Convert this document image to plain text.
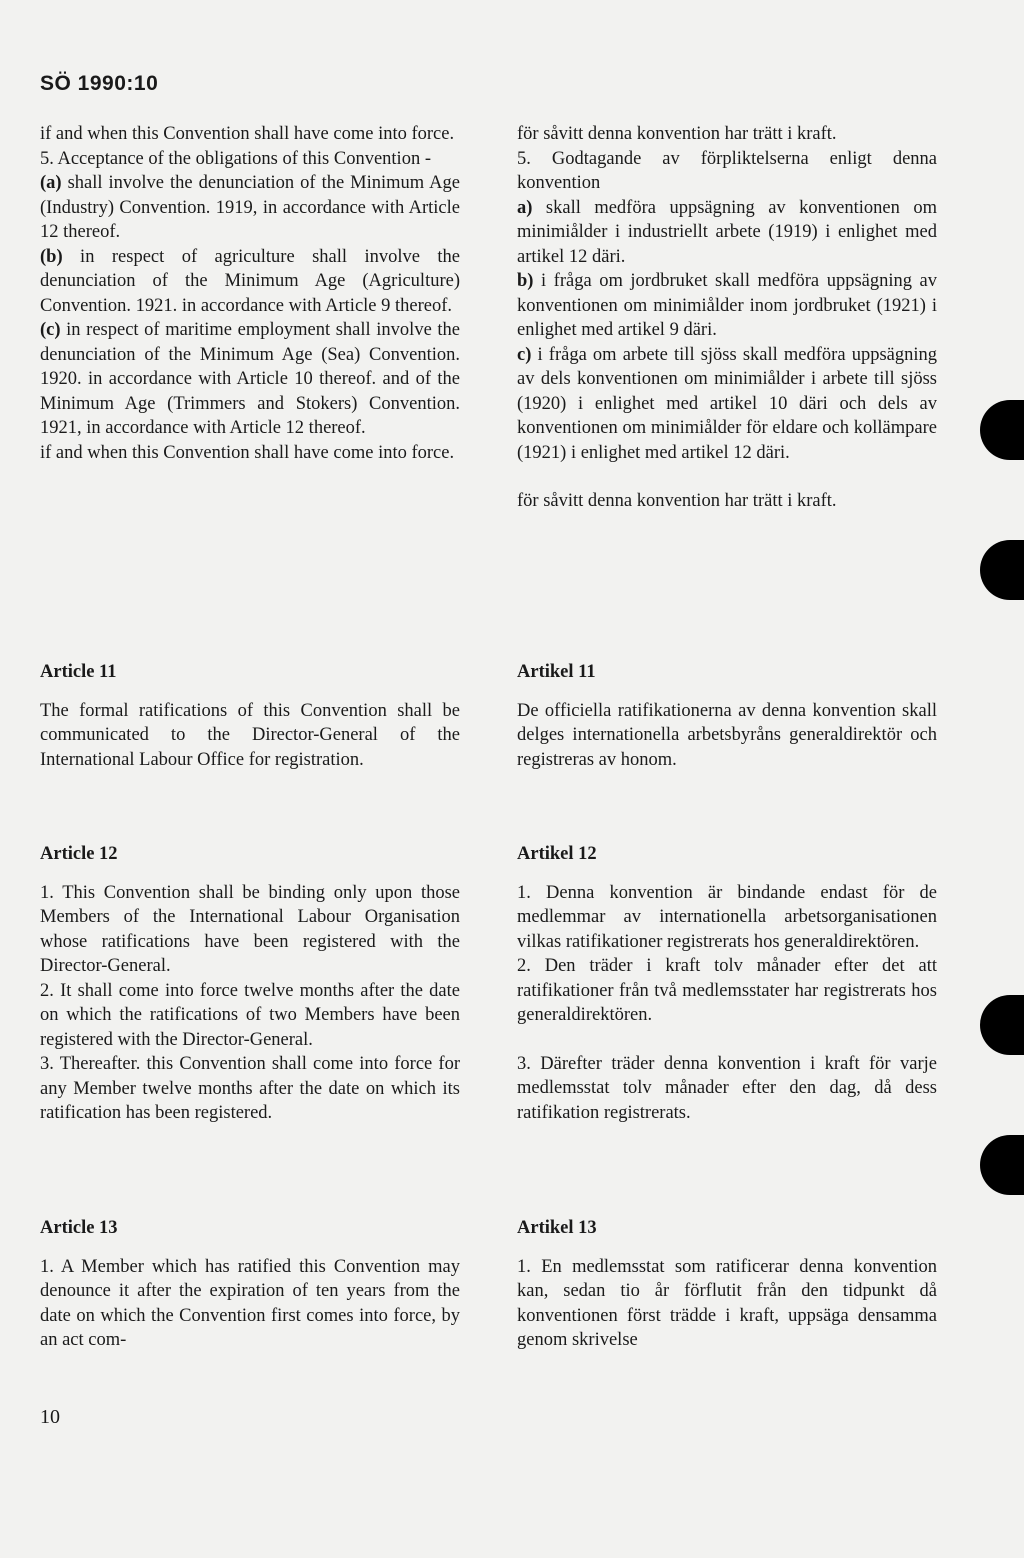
SÖ 1990:10

if and when this Convention shall have come into force.

5. Acceptance of the obligations of this Convention -

(a) shall involve the denunciation of the Minimum Age (Industry) Convention. 1919, in accordance with Article 12 thereof.

(b) in respect of agriculture shall involve the denunciation of the Minimum Age (Agriculture) Convention. 1921. in accordance with Article 9 thereof.

(c) in respect of maritime employment shall involve the denunciation of the Minimum Age (Sea) Convention. 1920. in accordance with Article 10 thereof. and of the Minimum Age (Trimmers and Stokers) Convention. 1921, in accordance with Article 12 thereof.

if and when this Convention shall have come into force.

Article 11

The formal ratifications of this Convention shall be communicated to the Director-General of the International Labour Office for registration.

Article 12

1. This Convention shall be binding only upon those Members of the International Labour Organisation whose ratifications have been registered with the Director-General.

2. It shall come into force twelve months after the date on which the ratifications of two Members have been registered with the Director-General.

3. Thereafter. this Convention shall come into force for any Member twelve months after the date on which its ratification has been registered.

Article 13

1. A Member which has ratified this Convention may denounce it after the expiration of ten years from the date on which the Convention first comes into force, by an act com-

för såvitt denna konvention har trätt i kraft.

5. Godtagande av förpliktelserna enligt denna konvention

a) skall medföra uppsägning av konventionen om minimiålder i industriellt arbete (1919) i enlighet med artikel 12 däri.

b) i fråga om jordbruket skall medföra uppsägning av konventionen om minimiålder inom jordbruket (1921) i enlighet med artikel 9 däri.

c) i fråga om arbete till sjöss skall medföra uppsägning av dels konventionen om minimiålder i arbete till sjöss (1920) i enlighet med artikel 10 däri och dels av konventionen om minimiålder för eldare och kollämpare (1921) i enlighet med artikel 12 däri.

för såvitt denna konvention har trätt i kraft.

Artikel 11

De officiella ratifikationerna av denna konvention skall delges internationella arbetsbyråns generaldirektör och registreras av honom.

Artikel 12

1. Denna konvention är bindande endast för de medlemmar av internationella arbetsorganisationen vilkas ratifikationer registrerats hos generaldirektören.

2. Den träder i kraft tolv månader efter det att ratifikationer från två medlemsstater har registrerats hos generaldirektören.

3. Därefter träder denna konvention i kraft för varje medlemsstat tolv månader efter den dag, då dess ratifikation registrerats.

Artikel 13

1. En medlemsstat som ratificerar denna konvention kan, sedan tio år förflutit från den tidpunkt då konventionen först trädde i kraft, uppsäga densamma genom skrivelse

10
